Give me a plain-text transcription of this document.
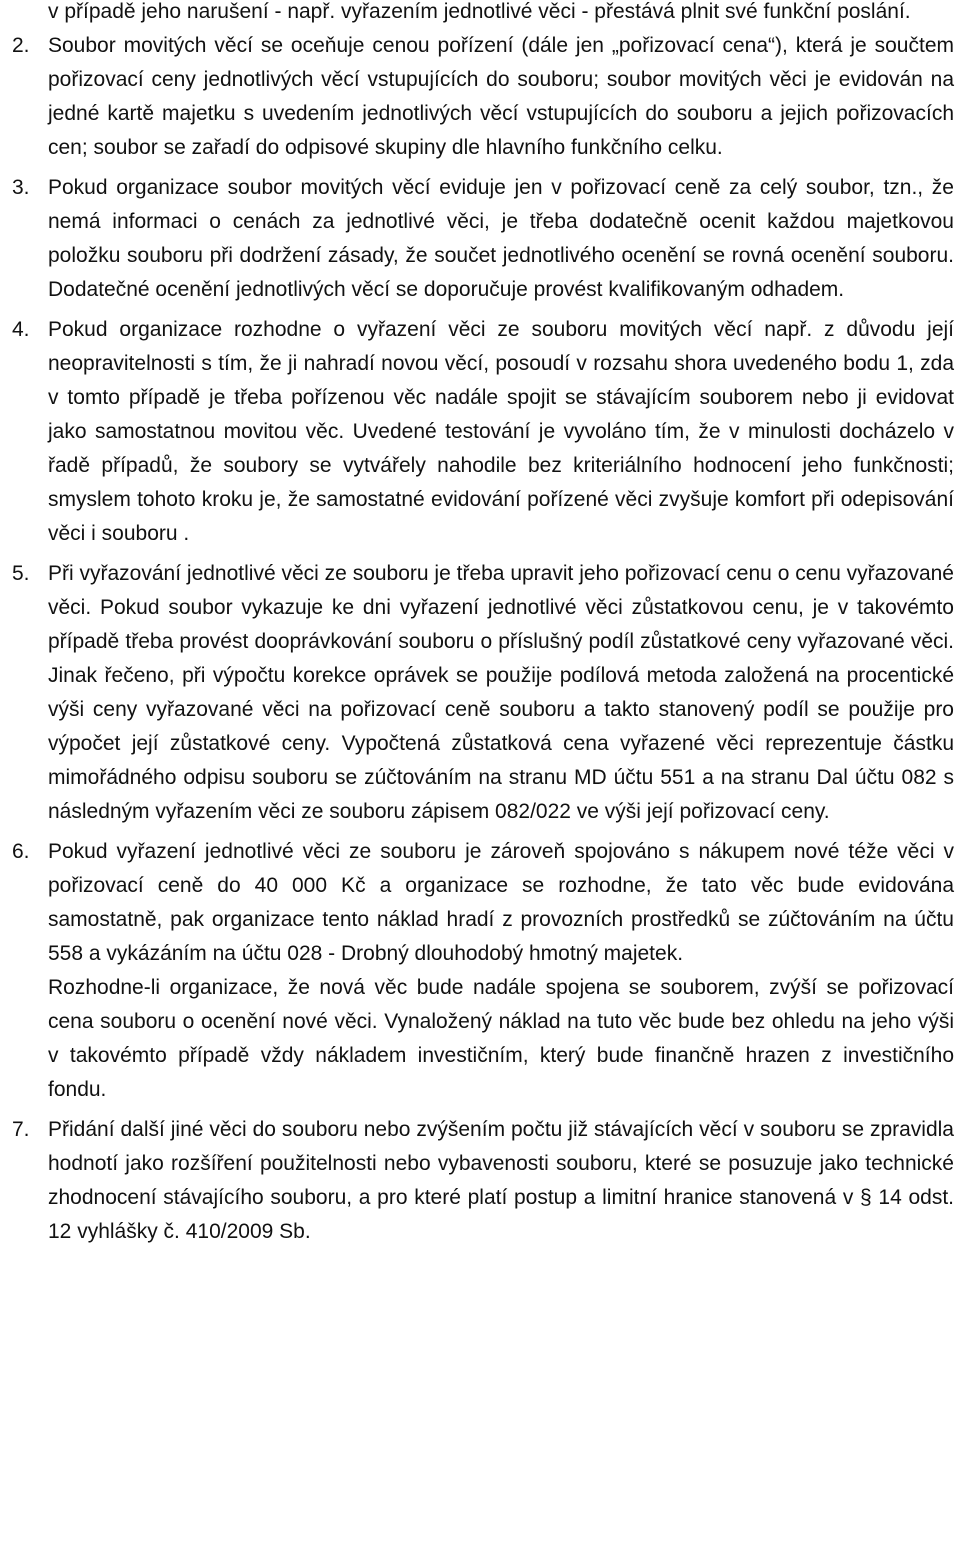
v případě jeho narušení - např. vyřazením jednotlivé věci - přestává plnit své funkční poslání.

2. Soubor movitých věcí se oceňuje cenou pořízení (dále jen „pořizovací cena“), která je součtem pořizovací ceny jednotlivých věcí vstupujících do souboru; soubor movitých věci je evidován na jedné kartě majetku s uvedením jednotlivých věcí vstupujících do souboru a jejich pořizovacích cen; soubor se zařadí do odpisové skupiny dle hlavního funkčního celku.

3. Pokud organizace soubor movitých věcí eviduje jen v pořizovací ceně za celý soubor, tzn., že nemá informaci o cenách za jednotlivé věci, je třeba dodatečně ocenit každou majetkovou položku souboru při dodržení zásady, že součet jednotlivého ocenění se rovná ocenění souboru. Dodatečné ocenění jednotlivých věcí se doporučuje provést kvalifikovaným odhadem.

4. Pokud organizace rozhodne o vyřazení věci ze souboru movitých věcí např. z důvodu její neopravitelnosti s tím, že ji nahradí novou věcí, posoudí v rozsahu shora uvedeného bodu 1, zda v tomto případě je třeba pořízenou věc nadále spojit se stávajícím souborem nebo ji evidovat jako samostatnou movitou věc. Uvedené testování je vyvoláno tím, že v minulosti docházelo v řadě případů, že soubory se vytvářely nahodile bez kriteriálního hodnocení jeho funkčnosti; smyslem tohoto kroku je, že samostatné evidování pořízené věci zvyšuje komfort při odepisování věci i souboru .

5. Při vyřazování jednotlivé věci ze souboru je třeba upravit jeho pořizovací cenu o cenu vyřazované věci. Pokud soubor vykazuje ke dni vyřazení jednotlivé věci zůstatkovou cenu, je v takovémto případě třeba provést dooprávkování souboru o příslušný podíl zůstatkové ceny vyřazované věci. Jinak řečeno, při výpočtu korekce oprávek se použije podílová metoda založená na procentické výši ceny vyřazované věci na pořizovací ceně souboru a takto stanovený podíl se použije pro výpočet její zůstatkové ceny. Vypočtená zůstatková cena vyřazené věci reprezentuje částku mimořádného odpisu souboru se zúčtováním na stranu MD účtu 551 a na stranu Dal účtu 082 s následným vyřazením věci ze souboru zápisem 082/022 ve výši její pořizovací ceny.

6. Pokud vyřazení jednotlivé věci ze souboru je zároveň spojováno s nákupem nové téže věci v pořizovací ceně do 40 000 Kč a organizace se rozhodne, že tato věc bude evidována samostatně, pak organizace tento náklad hradí z provozních prostředků se zúčtováním na účtu 558 a vykázáním na účtu 028 - Drobný dlouhodobý hmotný majetek.

Rozhodne-li organizace, že nová věc bude nadále spojena se souborem, zvýší se pořizovací cena souboru o ocenění nové věci. Vynaložený náklad na tuto věc bude bez ohledu na jeho výši v takovémto případě vždy nákladem investičním, který bude finančně hrazen z investičního fondu.

7. Přidání další jiné věci do souboru nebo zvýšením počtu již stávajících věcí v souboru se zpravidla hodnotí jako rozšíření použitelnosti nebo vybavenosti souboru, které se posuzuje jako technické zhodnocení stávajícího souboru, a pro které platí postup a limitní hranice stanovená v § 14 odst. 12 vyhlášky č. 410/2009 Sb.
